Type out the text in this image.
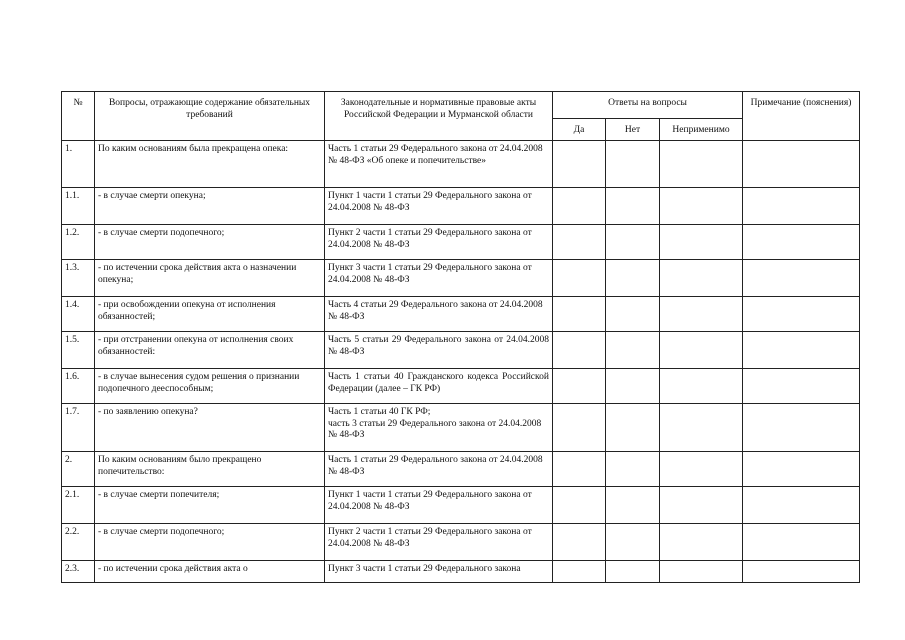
№	Вопросы, отражающие содержание обязательных требований	Законодательные и нормативные правовые акты Российской Федерации и Мурманской области	Ответы на вопросы			Примечание (пояснения)
			Да	Нет	Неприменимо	
1.	По каким основаниям была прекращена опека:	Часть 1 статьи 29 Федерального закона от 24.04.2008 № 48-ФЗ «Об опеке и попечительстве»				
1.1.	- в случае смерти опекуна;	Пункт 1 части 1 статьи 29 Федерального закона от 24.04.2008 № 48-ФЗ				
1.2.	- в случае смерти подопечного;	Пункт 2 части 1 статьи 29 Федерального закона от 24.04.2008 № 48-ФЗ				
1.3.	- по истечении срока действия акта о назначении опекуна;	Пункт 3 части 1 статьи 29 Федерального закона от 24.04.2008 № 48-ФЗ				
1.4.	- при освобождении опекуна от исполнения обязанностей;	Часть 4 статьи 29 Федерального закона от 24.04.2008 № 48-ФЗ				
1.5.	- при отстранении опекуна от исполнения своих обязанностей:	Часть 5 статьи 29 Федерального закона от 24.04.2008 № 48-ФЗ				
1.6.	- в случае вынесения судом решения о признании подопечного дееспособным;	Часть 1 статьи 40 Гражданского кодекса Российской Федерации (далее – ГК РФ)				
1.7.	- по заявлению опекуна?	Часть 1 статьи 40 ГК РФ;
часть 3 статьи 29 Федерального закона от 24.04.2008 № 48-ФЗ				

2.	По каким основаниям было прекращено попечительство:	Часть 1 статьи 29 Федерального закона от 24.04.2008 № 48-ФЗ				
2.1.	- в случае смерти попечителя;	Пункт 1 части 1 статьи 29 Федерального закона от 24.04.2008 № 48-ФЗ				
2.2.	- в случае смерти подопечного;	Пункт 2 части 1 статьи 29 Федерального закона от 24.04.2008 № 48-ФЗ				
2.3.	- по истечении срока действия акта о	Пункт 3 части 1 статьи 29 Федерального закона				
